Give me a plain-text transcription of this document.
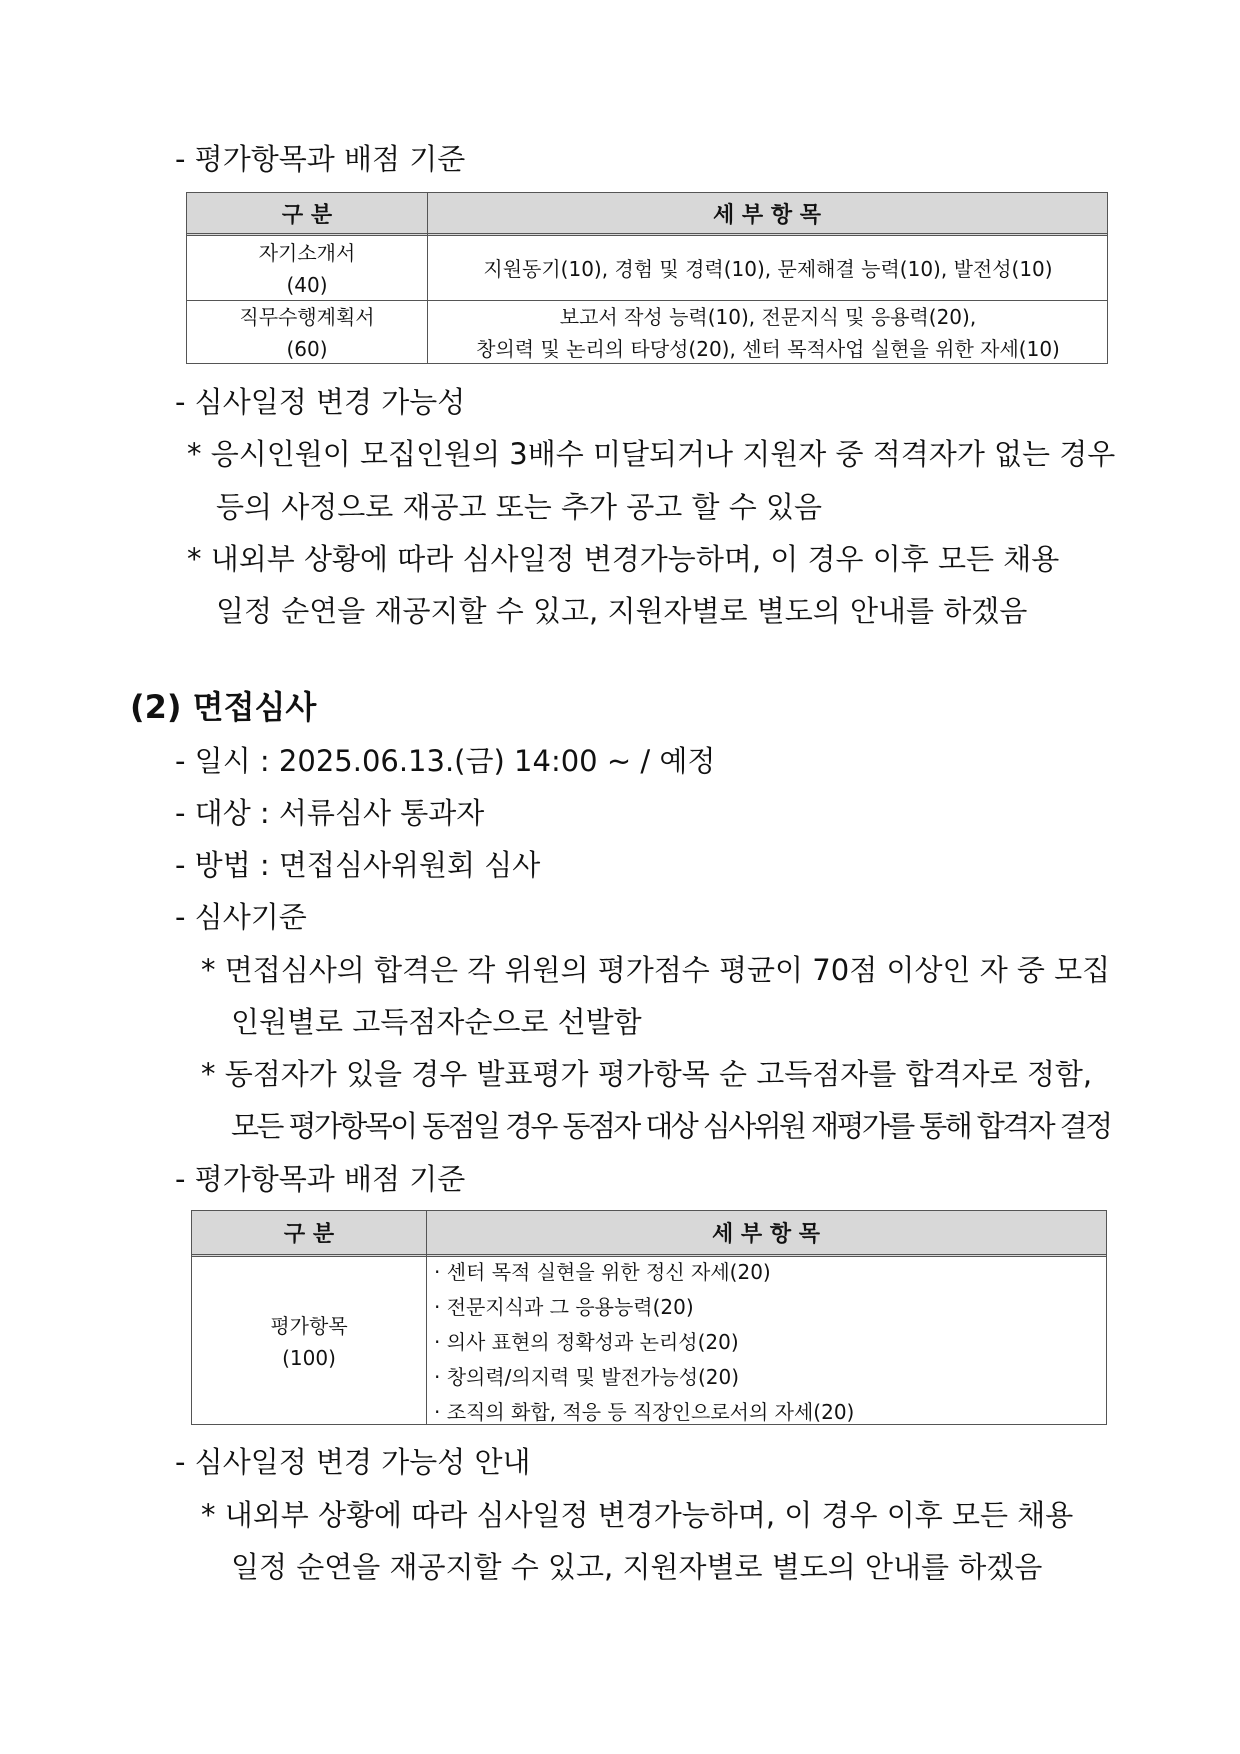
- 평가항목과 배점 기준
구 분	세 부 항 목
자기소개서
(40)
지원동기(10), 경험 및 경력(10), 문제해결 능력(10), 발전성(10)
직무수행계획서
(60)
보고서 작성 능력(10), 전문지식 및 응용력(20),
창의력 및 논리의 타당성(20), 센터 목적사업 실현을 위한 자세(10)
- 심사일정 변경 가능성
* 응시인원이 모집인원의 3배수 미달되거나 지원자 중 적격자가 없는 경우
등의 사정으로 재공고 또는 추가 공고 할 수 있음
* 내외부 상황에 따라 심사일정 변경가능하며, 이 경우 이후 모든 채용
일정 순연을 재공지할 수 있고, 지원자별로 별도의 안내를 하겠음
(2) 면접심사
- 일시 : 2025.06.13.(금) 14:00 ~ / 예정
- 대상 : 서류심사 통과자
- 방법 : 면접심사위원회 심사
- 심사기준
* 면접심사의 합격은 각 위원의 평가점수 평균이 70점 이상인 자 중 모집
인원별로 고득점자순으로 선발함
* 동점자가 있을 경우 발표평가 평가항목 순 고득점자를 합격자로 정함,
모든 평가항목이 동점일 경우 동점자 대상 심사위원 재평가를 통해 합격자 결정
- 평가항목과 배점 기준
구 분	세 부 항 목
평가항목
(100)
· 센터 목적 실현을 위한 정신 자세(20)
· 전문지식과 그 응용능력(20)
· 의사 표현의 정확성과 논리성(20)
· 창의력/의지력 및 발전가능성(20)
· 조직의 화합, 적응 등 직장인으로서의 자세(20)
- 심사일정 변경 가능성 안내
* 내외부 상황에 따라 심사일정 변경가능하며, 이 경우 이후 모든 채용
일정 순연을 재공지할 수 있고, 지원자별로 별도의 안내를 하겠음
